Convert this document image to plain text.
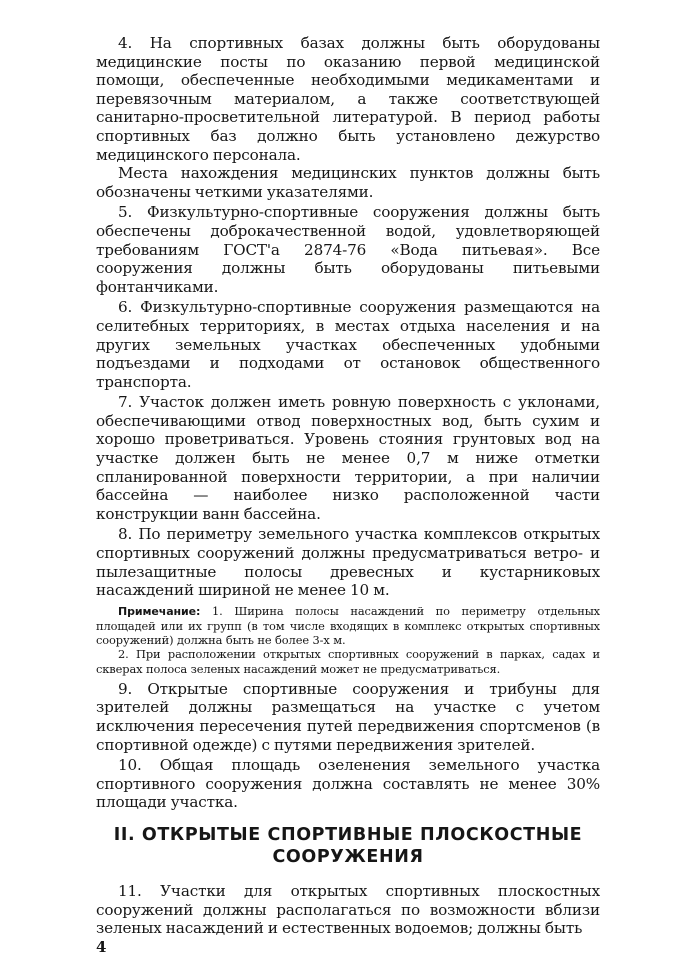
4. На спортивных базах должны быть оборудованы медицинские посты по оказанию первой медицинской помощи, обеспеченные необходимыми медикаментами и перевязочным материалом, а также соответствующей санитарно-просветительной литературой. В период работы спортивных баз должно быть установлено дежурство медицинского персонала.

Места нахождения медицинских пунктов должны быть обозначены четкими указателями.

5. Физкультурно-спортивные сооружения должны быть обеспечены доброкачественной водой, удовлетворяющей требованиям ГОСТ'а 2874-76 «Вода питьевая». Все сооружения должны быть оборудованы питьевыми фонтанчиками.

6. Физкультурно-спортивные сооружения размещаются на селитебных территориях, в местах отдыха населения и на других земельных участках обеспеченных удобными подъездами и подходами от остановок общественного транспорта.

7. Участок должен иметь ровную поверхность с уклонами, обеспечивающими отвод поверхностных вод, быть сухим и хорошо проветриваться. Уровень стояния грунтовых вод на участке должен быть не менее 0,7 м ниже отметки спланированной поверхности территории, а при наличии бассейна — наиболее низко расположенной части конструкции ванн бассейна.

8. По периметру земельного участка комплексов открытых спортивных сооружений должны предусматриваться ветро- и пылезащитные полосы древесных и кустарниковых насаждений шириной не менее 10 м.

Примечание: 1. Ширина полосы насаждений по периметру отдельных площадей или их групп (в том числе входящих в комплекс открытых спортивных сооружений) должна быть не более 3-х м.

2. При расположении открытых спортивных сооружений в парках, садах и скверах полоса зеленых насаждений может не предусматриваться.

9. Открытые спортивные сооружения и трибуны для зрителей должны размещаться на участке с учетом исключения пересечения путей передвижения спортсменов (в спортивной одежде) с путями передвижения зрителей.

10. Общая площадь озеленения земельного участка спортивного сооружения должна составлять не менее 30% площади участка.

II. ОТКРЫТЫЕ СПОРТИВНЫЕ ПЛОСКОСТНЫЕ СООРУЖЕНИЯ

11. Участки для открытых спортивных плоскостных сооружений должны располагаться по возможности вблизи зеленых насаждений и естественных водоемов; должны быть

4
